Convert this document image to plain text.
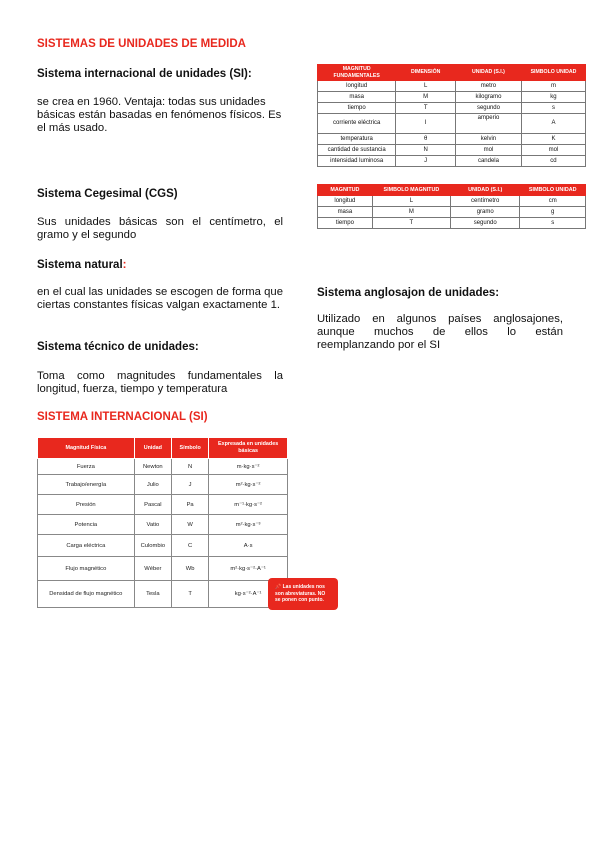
SISTEMAS DE UNIDADES DE MEDIDA
Sistema internacional de unidades (SI):
se crea en 1960. Ventaja: todas sus unidades básicas están basadas en fenómenos físicos. Es el más usado.
Sistema Cegesimal (CGS)
Sus unidades básicas son el centímetro, el gramo y el segundo
Sistema natural:
en el cual las unidades se escogen de forma que ciertas constantes físicas valgan exactamente 1.
Sistema técnico de unidades:
Toma como magnitudes fundamentales la longitud, fuerza, tiempo y temperatura
SISTEMA INTERNACIONAL (SI)
Sistema anglosajon de unidades:
Utilizado en algunos países anglosajones, aunque muchos de ellos lo están reemplanzando por el SI
MAGNITUD FUNDAMENTALES	DIMENSIÓN	UNIDAD (S.I.)	SIMBOLO UNIDAD
longitud	L	metro	m
masa	M	kilogramo	kg
tiempo	T	segundo	s
corriente eléctrica	I	amperio	A
temperatura	θ	kelvin	K
cantidad de sustancia	N	mol	mol
intensidad luminosa	J	candela	cd
MAGNITUD	SIMBOLO MAGNITUD	UNIDAD (S.I.)	SIMBOLO UNIDAD
longitud	L	centímetro	cm
masa	M	gramo	g
tiempo	T	segundo	s
Magnitud Física	Unidad	Símbolo	Expresada en unidades básicas
Fuerza	Newton	N	m·kg·s⁻²
Trabajo/energía	Julio	J	m²·kg·s⁻²
Presión	Pascal	Pa	m⁻¹·kg·s⁻²
Potencia	Vatio	W	m²·kg·s⁻³
Carga eléctrica	Culombio	C	A·s
Flujo magnético	Wéber	Wb	m²·kg·s⁻²·A⁻¹
Densidad de flujo magnético	Tesla	T	kg·s⁻²·A⁻¹
📌 Las unidades nos son abreviaturas. NO se ponen con punto.
